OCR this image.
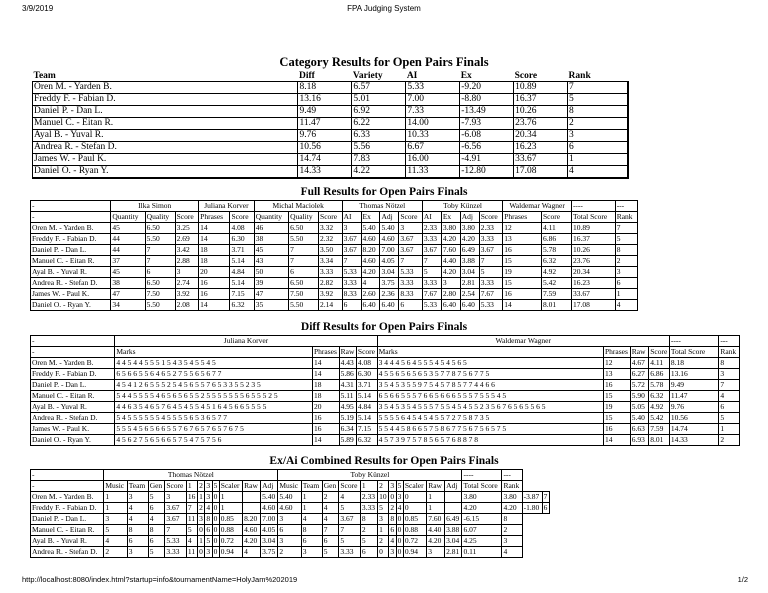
3/9/2019	FPA Judging System
Category Results for Open Pairs Finals
Team	Diff	Variety	AI	Ex	Score	Rank
Oren M. - Yarden B.	8.18	6.57	5.33	-9.20	10.89	7
Freddy F. - Fabian D.	13.16	5.01	7.00	-8.80	16.37	5
Daniel P. - Dan L.	9.49	6.92	7.33	-13.49	10.26	8
Manuel C. - Eitan R.	11.47	6.22	14.00	-7.93	23.76	2
Ayal B. - Yuval R.	9.76	6.33	10.33	-6.08	20.34	3
Andrea R. - Stefan D.	10.56	5.56	6.67	-6.56	16.23	6
James W. - Paul K.	14.74	7.83	16.00	-4.91	33.67	1
Daniel O. - Ryan Y.	14.33	4.22	11.33	-12.80	17.08	4
Full Results for Open Pairs Finals
-	Ilka Simon			Juliana Korver		Michal Maciolek			Thomas Nötzel				Toby Künzel				Waldemar Wagner		----	---
-	Quantity	Quality	Score	Phrases	Score	Quantity	Quality	Score	AI	Ex	Adj	Score	AI	Ex	Adj	Score	Phrases	Score	Total Score	Rank
Oren M. - Yarden B.	45	6.50	3.25	14	4.08	46	6.50	3.32	3	5.40	5.40	3	2.33	3.80	3.80	2.33	12	4.11	10.89	7
Freddy F. - Fabian D.	44	5.50	2.69	14	6.30	38	5.50	2.32	3.67	4.60	4.60	3.67	3.33	4.20	4.20	3.33	13	6.86	16.37	5
Daniel P. - Dan L.	44	7	3.42	18	3.71	45	7	3.50	3.67	8.20	7.00	3.67	3.67	7.60	6.49	3.67	16	5.78	10.26	8
Manuel C. - Eitan R.	37	7	2.88	18	5.14	43	7	3.34	7	4.60	4.05	7	7	4.40	3.88	7	15	6.32	23.76	2
Ayal B. - Yuval R.	45	6	3	20	4.84	50	6	3.33	5.33	4.20	3.04	5.33	5	4.20	3.04	5	19	4.92	20.34	3
Andrea R. - Stefan D.	38	6.50	2.74	16	5.14	39	6.50	2.82	3.33	4	3.75	3.33	3.33	3	2.81	3.33	15	5.42	16.23	6
James W. - Paul K.	47	7.50	3.92	16	7.15	47	7.50	3.92	8.33	2.60	2.36	8.33	7.67	2.80	2.54	7.67	16	7.59	33.67	1
Daniel O. - Ryan Y.	34	5.50	2.08	14	6.32	35	5.50	2.14	6	6.40	6.40	6	5.33	6.40	6.40	5.33	14	8.01	17.08	4
Diff Results for Open Pairs Finals
-	Juliana Korver				Waldemar Wagner				----	---
-	Marks	Phrases	Raw	Score	Marks	Phrases	Raw	Score	Total Score	Rank
Oren M. - Yarden B.	4 4 5 4 4 5 5 5 1 5 4 3 5 4 5 5 4 5	14	4.43	4.08	3 4 4 4 5 6 4 5 5 5 4 5 4 5 6 5	12	4.67	4.11	8.18	8
Freddy F. - Fabian D.	6 5 6 6 5 5 6 4 6 5 2 7 5 5 6 5 6 7 7	14	5.86	6.30	4 5 5 6 5 6 5 6 5 3 5 7 7 8 7 5 6 7 7 5	13	6.27	6.86	13.16	3
Daniel P. - Dan L.	4 5 4 1 2 6 5 5 5 2 5 4 5 6 5 5 7 6 5 3 3 5 5 2 3 5	18	4.31	3.71	3 5 4 5 3 5 5 9 7 5 4 5 7 8 5 7 7 4 4 6 6	16	5.72	5.78	9.49	7
Manuel C. - Eitan R.	5 4 4 5 5 5 5 4 6 5 6 5 6 5 5 2 5 5 5 5 5 5 5 6 5 5 5 2 5	18	5.11	5.14	6 5 6 6 5 5 5 7 6 6 5 6 6 6 5 5 5 7 5 5 5 4 5	15	5.90	6.32	11.47	4
Ayal B. - Yuval R.	4 4 6 3 5 4 6 5 7 6 4 5 4 5 5 4 5 1 6 4 5 6 6 5 5 5 5	20	4.95	4.84	3 5 4 5 3 5 4 5 5 5 7 5 5 4 5 4 5 5 2 3 5 6 7 6 5 6 5 5 6 5	19	5.05	4.92	9.76	6
Andrea R. - Stefan D.	5 4 5 5 5 5 5 5 4 5 5 5 5 6 5 3 6 5 7 7	16	5.19	5.14	5 5 5 5 6 4 5 4 5 4 5 5 7 2 7 5 8 7 3 5	15	5.40	5.42	10.56	5
James W. - Paul K.	5 5 5 4 5 6 5 6 6 5 5 7 6 7 6 5 7 6 5 7 6 7 5	16	6.34	7.15	5 5 4 4 5 8 6 6 5 7 5 8 6 7 7 5 6 7 5 6 5 7 5	16	6.63	7.59	14.74	1
Daniel O. - Ryan Y.	4 5 6 2 7 5 6 5 6 6 5 7 5 4 7 5 7 5 6	14	5.89	6.32	4 5 7 3 9 7 5 7 8 5 6 5 7 6 8 8 7 8	14	6.93	8.01	14.33	2
Ex/Ai Combined Results for Open Pairs Finals
-	Thomas Nötzel											Toby Künzel											----	---		
-	Music	Team	Gen	Score	1	2	3	5	Scaler	Raw	Adj	Music	Team	Gen	Score	1	2	3	5	Scaler	Raw	Adj	Total Score	Rank		
Oren M. - Yarden B.	1	3	5	3	16	1	3	0	1		5.40	5.40	1	2	4	2.33	10	0	3	0	1		3.80	3.80	-3.87	7
Freddy F. - Fabian D.	1	4	6	3.67	7	2	4	0	1		4.60	4.60	1	4	5	3.33	5	2	4	0	1		4.20	4.20	-1.80	6
Daniel P. - Dan L.	3	4	4	3.67	11	3	8	0	0.85	8.20	7.00	3	4	4	3.67	8	3	8	0	0.85	7.60	6.49	-6.15	8		
Manuel C. - Eitan R.	5	8	8	7	5	0	6	0	0.88	4.60	4.05	6	8	7	7	2	1	6	0	0.88	4.40	3.88	6.07	2		
Ayal B. - Yuval R.	4	6	6	5.33	4	1	5	0	0.72	4.20	3.04	3	6	6	5	5	2	4	0	0.72	4.20	3.04	4.25	3		
Andrea R. - Stefan D.	2	3	5	3.33	11	0	3	0	0.94	4	3.75	2	3	5	3.33	6	0	3	0	0.94	3	2.81	0.11	4		
http://localhost:8080/index.html?startup=info&tournamentName=HolyJam%202019	1/2
